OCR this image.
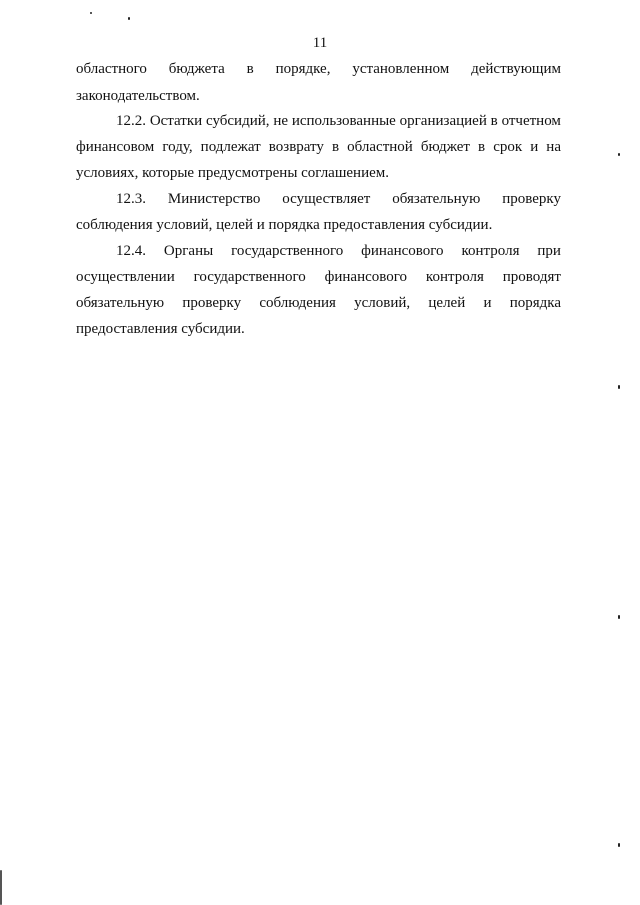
11
областного бюджета в порядке, установленном действующим
законодательством.
12.2. Остатки субсидий, не использованные организацией в отчетном
финансовом году, подлежат возврату в областной бюджет в срок и на
условиях, которые предусмотрены соглашением.
12.3. Министерство осуществляет обязательную проверку
соблюдения условий, целей и порядка предоставления субсидии.
12.4. Органы государственного финансового контроля при
осуществлении государственного финансового контроля проводят
обязательную проверку соблюдения условий, целей и порядка
предоставления субсидии.
